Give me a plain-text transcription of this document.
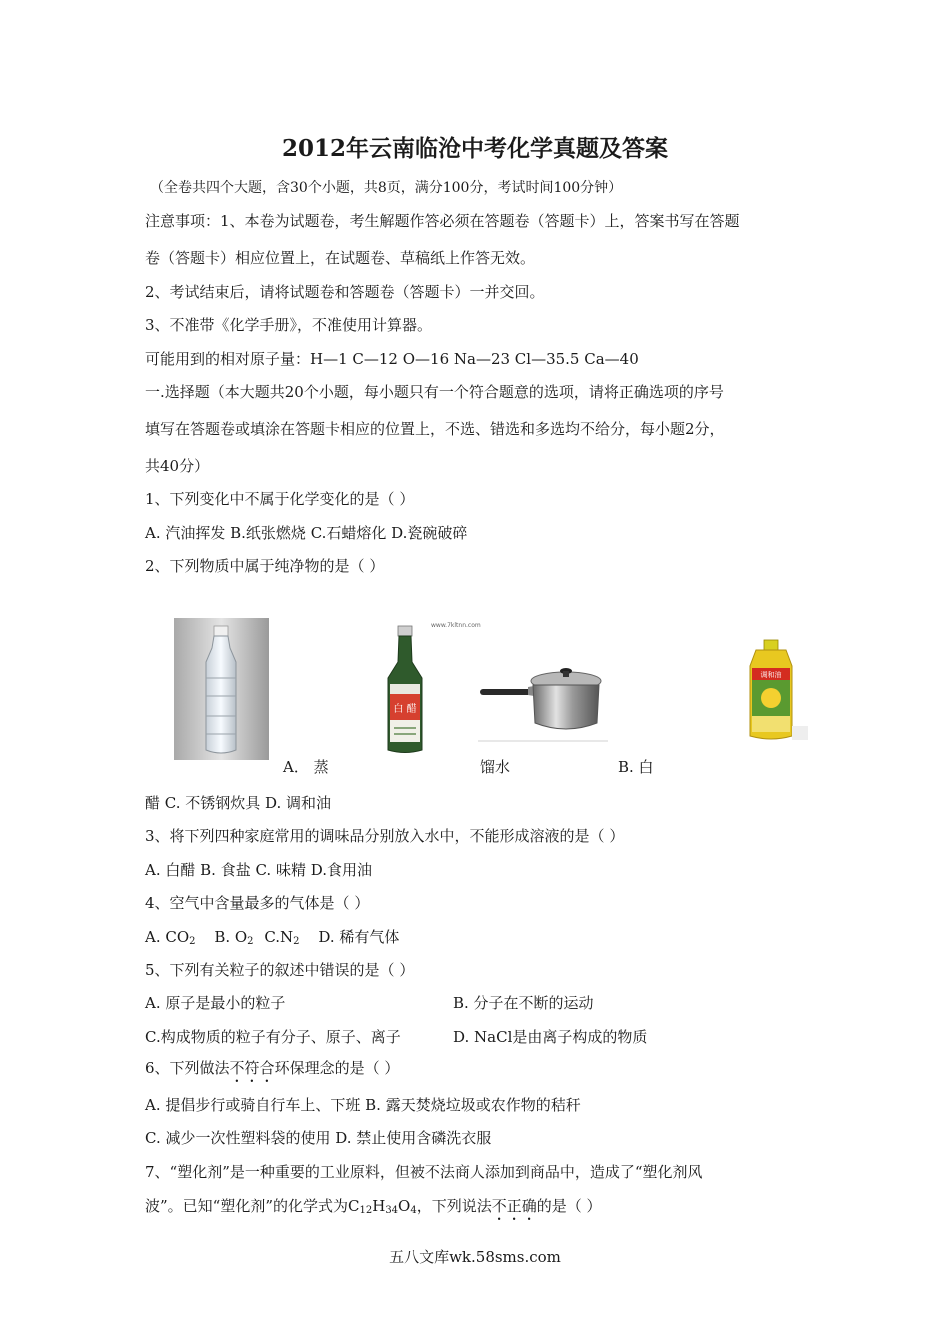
2012年云南临沧中考化学真题及答案
（全卷共四个大题，含30个小题，共8页，满分100分，考试时间100分钟）
注意事项：1、本卷为试题卷，考生解题作答必须在答题卷（答题卡）上，答案书写在答题
卷（答题卡）相应位置上，在试题卷、草稿纸上作答无效。
2、考试结束后，请将试题卷和答题卷（答题卡）一并交回。
3、不准带《化学手册》，不准使用计算器。
可能用到的相对原子量：H—1 C—12 O—16 Na—23 Cl—35.5 Ca—40
一.选择题（本大题共20个小题，每小题只有一个符合题意的选项，请将正确选项的序号
填写在答题卷或填涂在答题卡相应的位置上，不选、错选和多选均不给分，每小题2分，
共40分）
1、下列变化中不属于化学变化的是（ ）
A. 汽油挥发 B.纸张燃烧 C.石蜡熔化 D.瓷碗破碎
2、下列物质中属于纯净物的是（ ）
白 醋
www.7kltnn.com
调和油
A． 蒸	馏水	B. 白
醋 C. 不锈钢炊具 D. 调和油
3、将下列四种家庭常用的调味品分别放入水中，不能形成溶液的是（ ）
A. 白醋 B. 食盐 C. 味精 D.食用油
4、空气中含量最多的气体是（ ）
A. $CO_2$ B. $O_2$ $C.N_2$ D. 稀有气体
5、下列有关粒子的叙述中错误的是（ ）
A. 原子是最小的粒子	B. 分子在不断的运动
C.构成物质的粒子有分子、原子、离子	D. NaCl是由离子构成的物质
6、下列做法不符合环保理念的是（ ）
A. 提倡步行或骑自行车上、下班 B. 露天焚烧垃圾或农作物的秸秆
C. 减少一次性塑料袋的使用 D. 禁止使用含磷洗衣服
7、“塑化剂”是一种重要的工业原料，但被不法商人添加到商品中，造成了“塑化剂风
波”。已知“塑化剂”的化学式为$C_{12}H_{34}O_4$，下列说法不正确的是（ ）
五八文库wk.58sms.com
